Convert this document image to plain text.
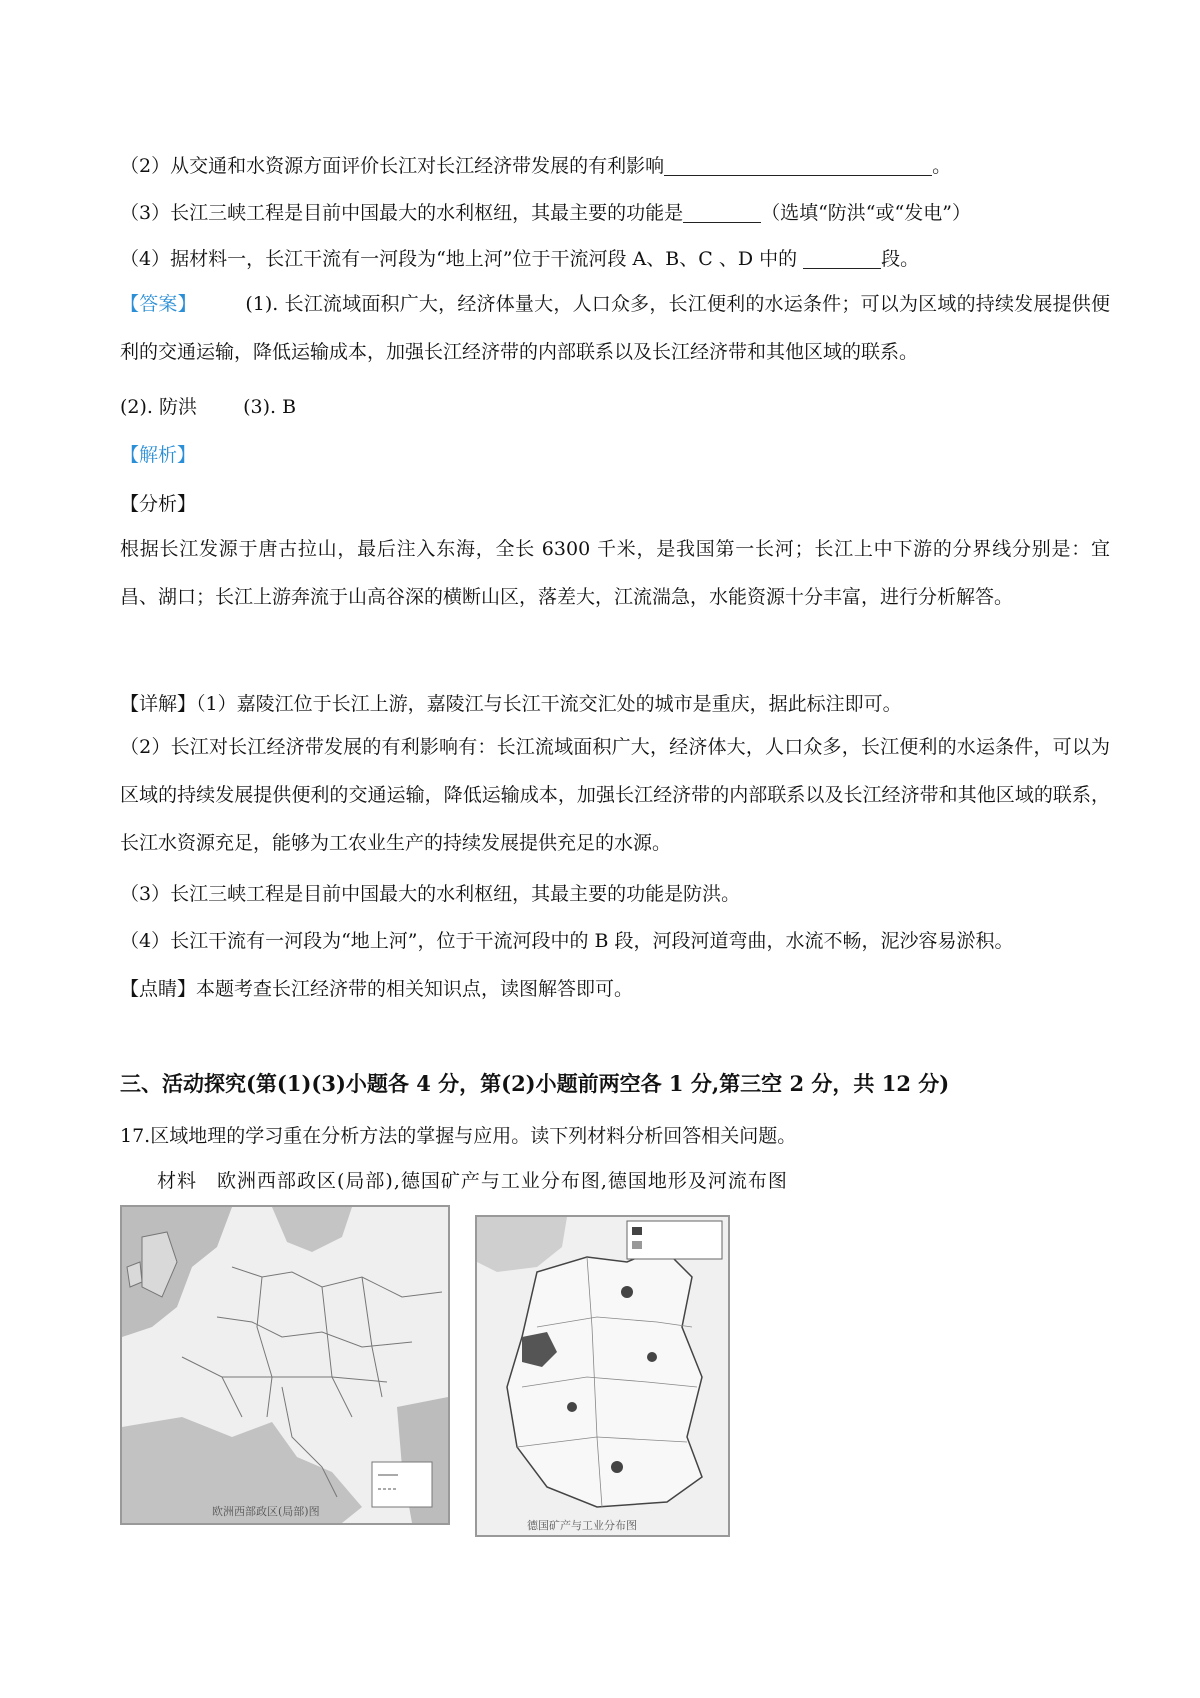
（2）从交通和水资源方面评价长江对长江经济带发展的有利影响	。
（3）长江三峡工程是目前中国最大的水利枢纽，其最主要的功能是	（选填“防洪“或“发电”）
（4）据材料一，长江干流有一河段为“地上河”位于干流河段 A、B、C 、D 中的	段。
【答案】	(1). 长江流域面积广大，经济体量大，人口众多，长江便利的水运条件；可以为区域的持续发展提供便利的交通运输，降低运输成本，加强长江经济带的内部联系以及长江经济带和其他区域的联系。
(2). 防洪 (3). B
【解析】
【分析】
根据长江发源于唐古拉山，最后注入东海，全长 6300 千米，是我国第一长河；长江上中下游的分界线分别是：宜昌、湖口；长江上游奔流于山高谷深的横断山区，落差大，江流湍急，水能资源十分丰富，进行分析解答。
【详解】（1）嘉陵江位于长江上游，嘉陵江与长江干流交汇处的城市是重庆，据此标注即可。
（2）长江对长江经济带发展的有利影响有：长江流域面积广大，经济体大，人口众多，长江便利的水运条件，可以为区域的持续发展提供便利的交通运输，降低运输成本，加强长江经济带的内部联系以及长江经济带和其他区域的联系，长江水资源充足，能够为工农业生产的持续发展提供充足的水源。
（3）长江三峡工程是目前中国最大的水利枢纽，其最主要的功能是防洪。
（4）长江干流有一河段为“地上河”，位于干流河段中的 B 段，河段河道弯曲，水流不畅，泥沙容易淤积。
【点睛】本题考查长江经济带的相关知识点，读图解答即可。
三、活动探究(第(1)(3)小题各 4 分，第(2)小题前两空各 1 分,第三空 2 分，共 12 分)
17.区域地理的学习重在分析方法的掌握与应用。读下列材料分析回答相关问题。
材料　欧洲西部政区(局部),德国矿产与工业分布图,德国地形及河流布图
欧洲西部政区(局部)图
德国矿产与工业分布图
